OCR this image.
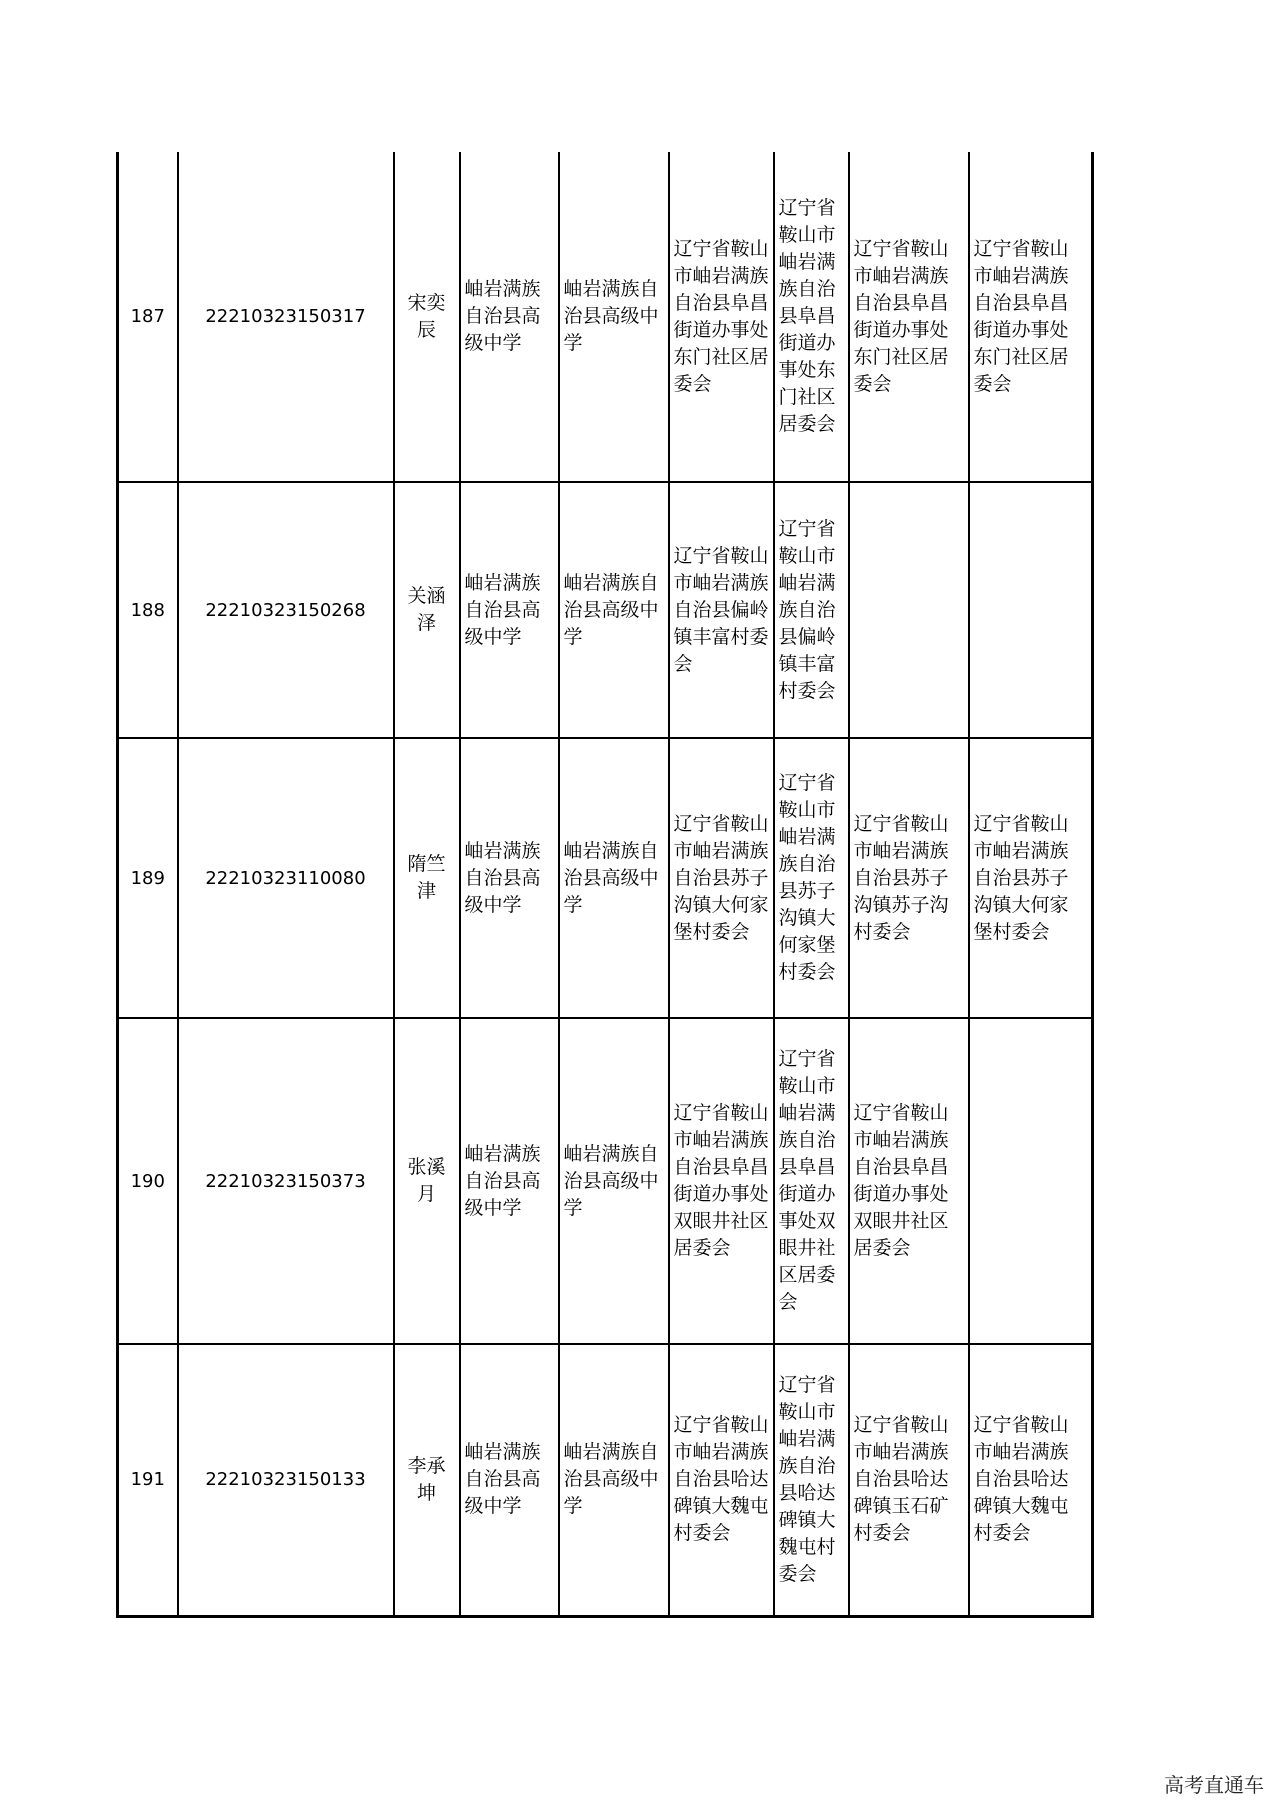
187	22210323150317	宋奕辰	岫岩满族自治县高级中学	岫岩满族自治县高级中学	辽宁省鞍山市岫岩满族自治县阜昌街道办事处东门社区居委会	辽宁省鞍山市岫岩满族自治县阜昌街道办事处东门社区居委会	辽宁省鞍山市岫岩满族自治县阜昌街道办事处东门社区居委会	辽宁省鞍山市岫岩满族自治县阜昌街道办事处东门社区居委会
188	22210323150268	关涵泽	岫岩满族自治县高级中学	岫岩满族自治县高级中学	辽宁省鞍山市岫岩满族自治县偏岭镇丰富村委会	辽宁省鞍山市岫岩满族自治县偏岭镇丰富村委会		
189	22210323110080	隋竺津	岫岩满族自治县高级中学	岫岩满族自治县高级中学	辽宁省鞍山市岫岩满族自治县苏子沟镇大何家堡村委会	辽宁省鞍山市岫岩满族自治县苏子沟镇大何家堡村委会	辽宁省鞍山市岫岩满族自治县苏子沟镇苏子沟村委会	辽宁省鞍山市岫岩满族自治县苏子沟镇大何家堡村委会
190	22210323150373	张溪月	岫岩满族自治县高级中学	岫岩满族自治县高级中学	辽宁省鞍山市岫岩满族自治县阜昌街道办事处双眼井社区居委会	辽宁省鞍山市岫岩满族自治县阜昌街道办事处双眼井社区居委会	辽宁省鞍山市岫岩满族自治县阜昌街道办事处双眼井社区居委会	
191	22210323150133	李承坤	岫岩满族自治县高级中学	岫岩满族自治县高级中学	辽宁省鞍山市岫岩满族自治县哈达碑镇大魏屯村委会	辽宁省鞍山市岫岩满族自治县哈达碑镇大魏屯村委会	辽宁省鞍山市岫岩满族自治县哈达碑镇玉石矿村委会	辽宁省鞍山市岫岩满族自治县哈达碑镇大魏屯村委会
高考直通车
